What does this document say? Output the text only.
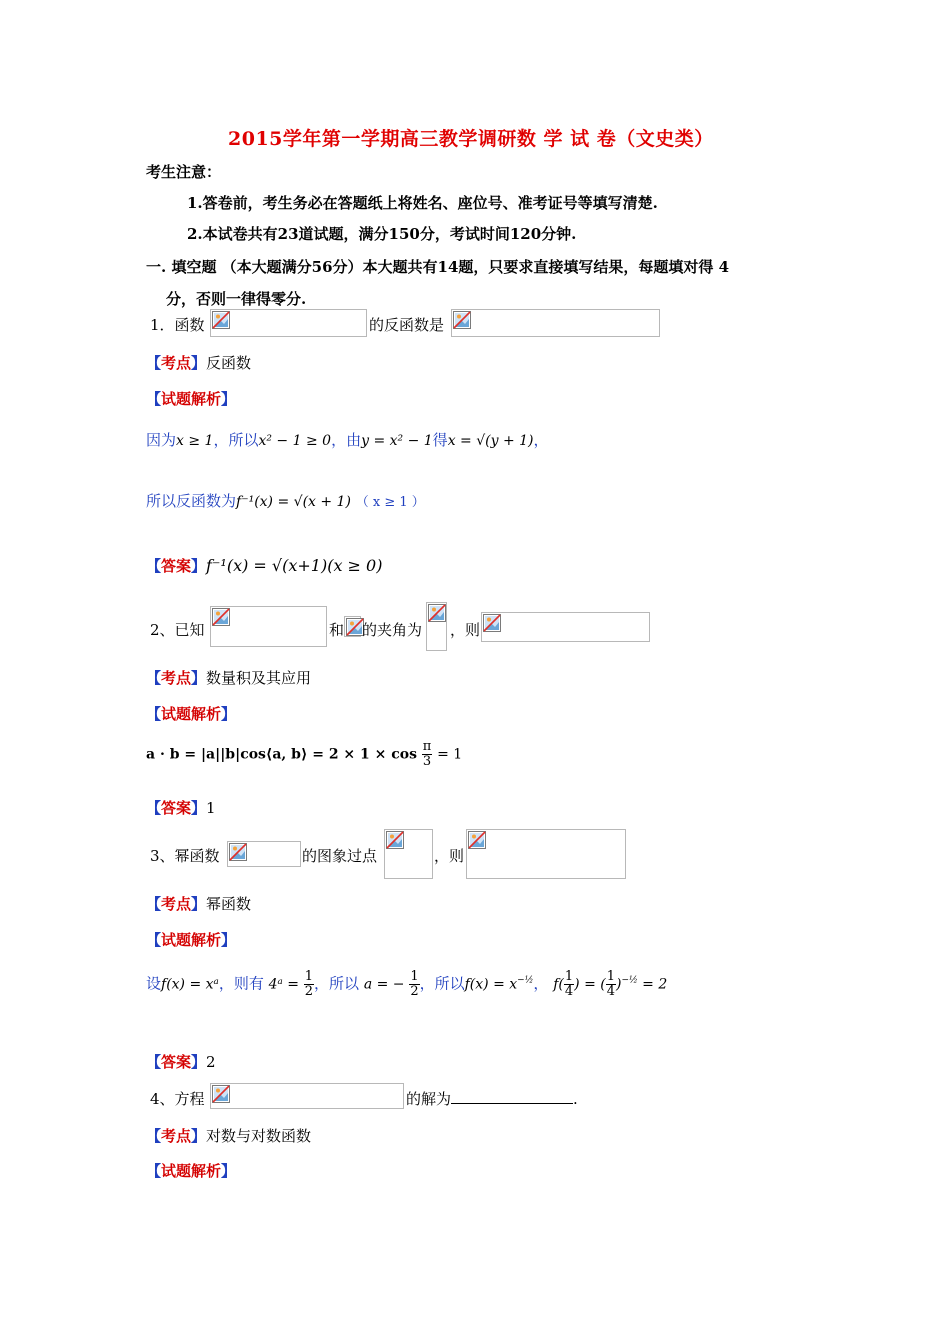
2015学年第一学期高三教学调研数 学 试 卷（文史类）
考生注意：
1.答卷前，考生务必在答题纸上将姓名、座位号、准考证号等填写清楚.
2.本试卷共有23道试题，满分150分，考试时间120分钟.
一. 填空题 （本大题满分56分）本大题共有14题，只要求直接填写结果，每题填对得 4
分，否则一律得零分.
1．函数	的反函数是
【考点】反函数
【试题解析】
因为x ≥ 1，所以x² − 1 ≥ 0，由y = x² − 1得x = √(y + 1)，
所以反函数为f⁻¹(x) = √(x + 1) （ x ≥ 1 ）
【答案】f⁻¹(x) = √(x+1)(x ≥ 0)
2、已知	和 的夹角为 ，则
【考点】数量积及其应用
【试题解析】
a · b = |a||b|cos⟨a, b⟩ = $2 \times 1 \times \cos \frac{\pi}{3} = 1$
【答案】1
3、幂函数	的图象过点	，则
【考点】幂函数
【试题解析】
设f(x) = xᵃ，则有 4ᵃ = $\frac{1}{2}$ ，所以 a = − $\frac{1}{2}$ ，所以$f(x) = x^{-\frac{1}{2}}$， $f( \frac{1}{4}$ ) = ( $\frac{1}{4} )^{-\frac{1}{2}} = 2$
【答案】2
4、方程	的解为	.
【考点】对数与对数函数
【试题解析】
